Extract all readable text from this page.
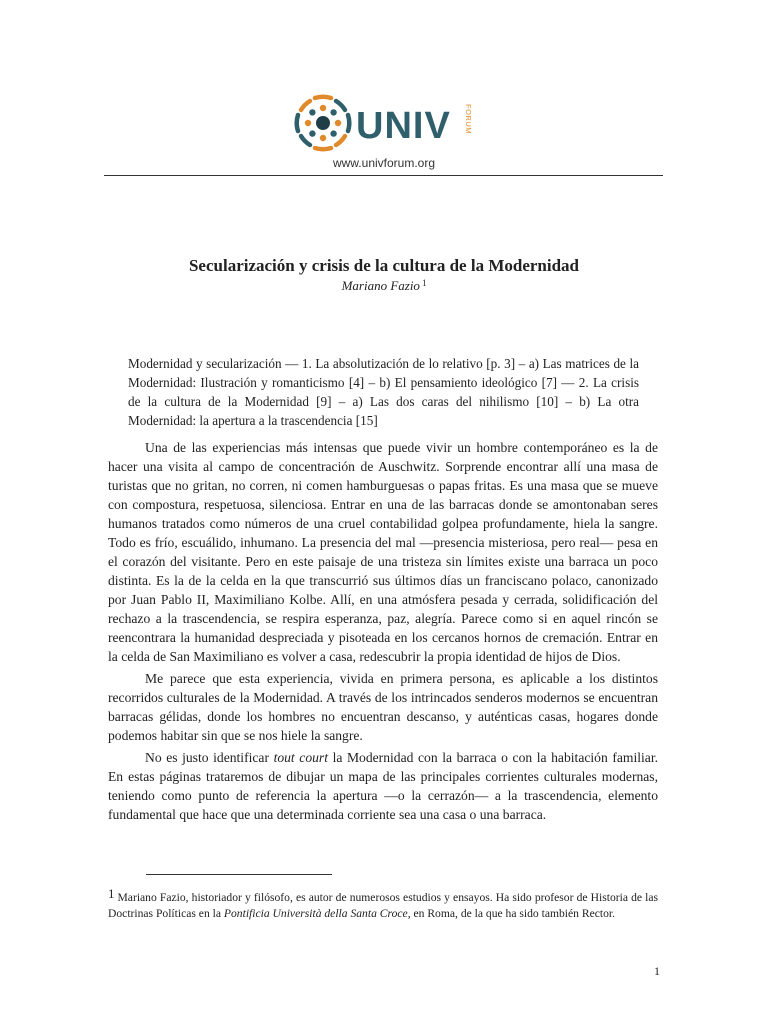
UNIV FORUM
www.univforum.org
Secularización y crisis de la cultura de la Modernidad
Mariano Fazio $^1$
Modernidad y secularización — 1. La absolutización de lo relativo [p. 3] – a) Las matrices de la Modernidad: Ilustración y romanticismo [4] – b) El pensamiento ideológico [7] — 2. La crisis de la cultura de la Modernidad [9] – a) Las dos caras del nihilismo [10] – b) La otra Modernidad: la apertura a la trascendencia [15]

Una de las experiencias más intensas que puede vivir un hombre contemporáneo es la de hacer una visita al campo de concentración de Auschwitz. Sorprende encontrar allí una masa de turistas que no gritan, no corren, ni comen hamburguesas o papas fritas. Es una masa que se mueve con compostura, respetuosa, silenciosa. Entrar en una de las barracas donde se amontonaban seres humanos tratados como números de una cruel contabilidad golpea profundamente, hiela la sangre. Todo es frío, escuálido, inhumano. La presencia del mal —presencia misteriosa, pero real— pesa en el corazón del visitante. Pero en este paisaje de una tristeza sin límites existe una barraca un poco distinta. Es la de la celda en la que transcurrió sus últimos días un franciscano polaco, canonizado por Juan Pablo II, Maximiliano Kolbe. Allí, en una atmósfera pesada y cerrada, solidificación del rechazo a la trascendencia, se respira esperanza, paz, alegría. Parece como si en aquel rincón se reencontrara la humanidad despreciada y pisoteada en los cercanos hornos de cremación. Entrar en la celda de San Maximiliano es volver a casa, redescubrir la propia identidad de hijos de Dios.

Me parece que esta experiencia, vivida en primera persona, es aplicable a los distintos recorridos culturales de la Modernidad. A través de los intrincados senderos modernos se encuentran barracas gélidas, donde los hombres no encuentran descanso, y auténticas casas, hogares donde podemos habitar sin que se nos hiele la sangre.

No es justo identificar tout court la Modernidad con la barraca o con la habitación familiar. En estas páginas trataremos de dibujar un mapa de las principales corrientes culturales modernas, teniendo como punto de referencia la apertura —o la cerrazón— a la trascendencia, elemento fundamental que hace que una determinada corriente sea una casa o una barraca.

1 Mariano Fazio, historiador y filósofo, es autor de numerosos estudios y ensayos. Ha sido profesor de Historia de las Doctrinas Políticas en la Pontificia Università della Santa Croce, en Roma, de la que ha sido también Rector.
1
